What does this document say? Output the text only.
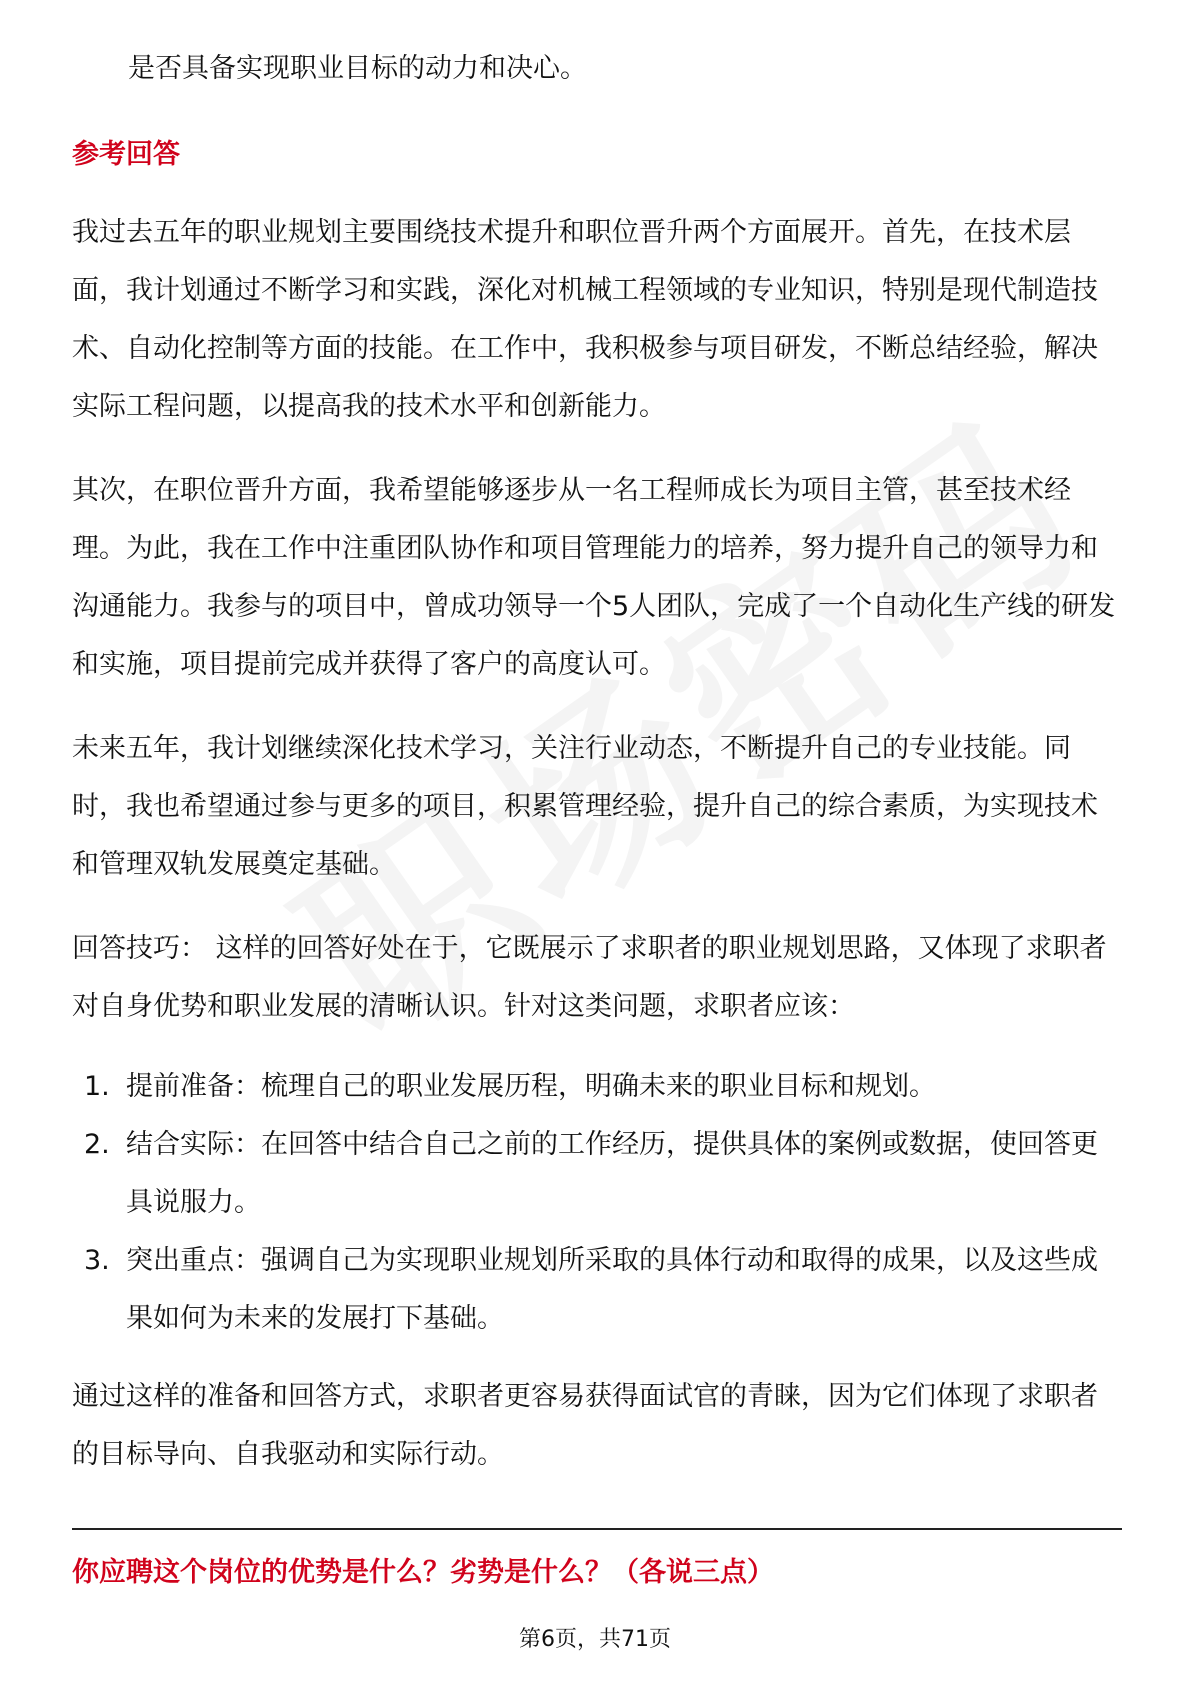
是否具备实现职业目标的动力和决心。

参考回答

我过去五年的职业规划主要围绕技术提升和职位晋升两个方面展开。首先，在技术层面，我计划通过不断学习和实践，深化对机械工程领域的专业知识，特别是现代制造技术、自动化控制等方面的技能。在工作中，我积极参与项目研发，不断总结经验，解决实际工程问题，以提高我的技术水平和创新能力。

其次，在职位晋升方面，我希望能够逐步从一名工程师成长为项目主管，甚至技术经理。为此，我在工作中注重团队协作和项目管理能力的培养，努力提升自己的领导力和沟通能力。我参与的项目中，曾成功领导一个5人团队，完成了一个自动化生产线的研发和实施，项目提前完成并获得了客户的高度认可。

未来五年，我计划继续深化技术学习，关注行业动态，不断提升自己的专业技能。同时，我也希望通过参与更多的项目，积累管理经验，提升自己的综合素质，为实现技术和管理双轨发展奠定基础。

回答技巧： 这样的回答好处在于，它既展示了求职者的职业规划思路，又体现了求职者对自身优势和职业发展的清晰认识。针对这类问题，求职者应该：

1. 提前准备：梳理自己的职业发展历程，明确未来的职业目标和规划。
2. 结合实际：在回答中结合自己之前的工作经历，提供具体的案例或数据，使回答更具说服力。
3. 突出重点：强调自己为实现职业规划所采取的具体行动和取得的成果，以及这些成果如何为未来的发展打下基础。

通过这样的准备和回答方式，求职者更容易获得面试官的青睐，因为它们体现了求职者的目标导向、自我驱动和实际行动。

你应聘这个岗位的优势是什么？劣势是什么？（各说三点）
第6页，共71页
